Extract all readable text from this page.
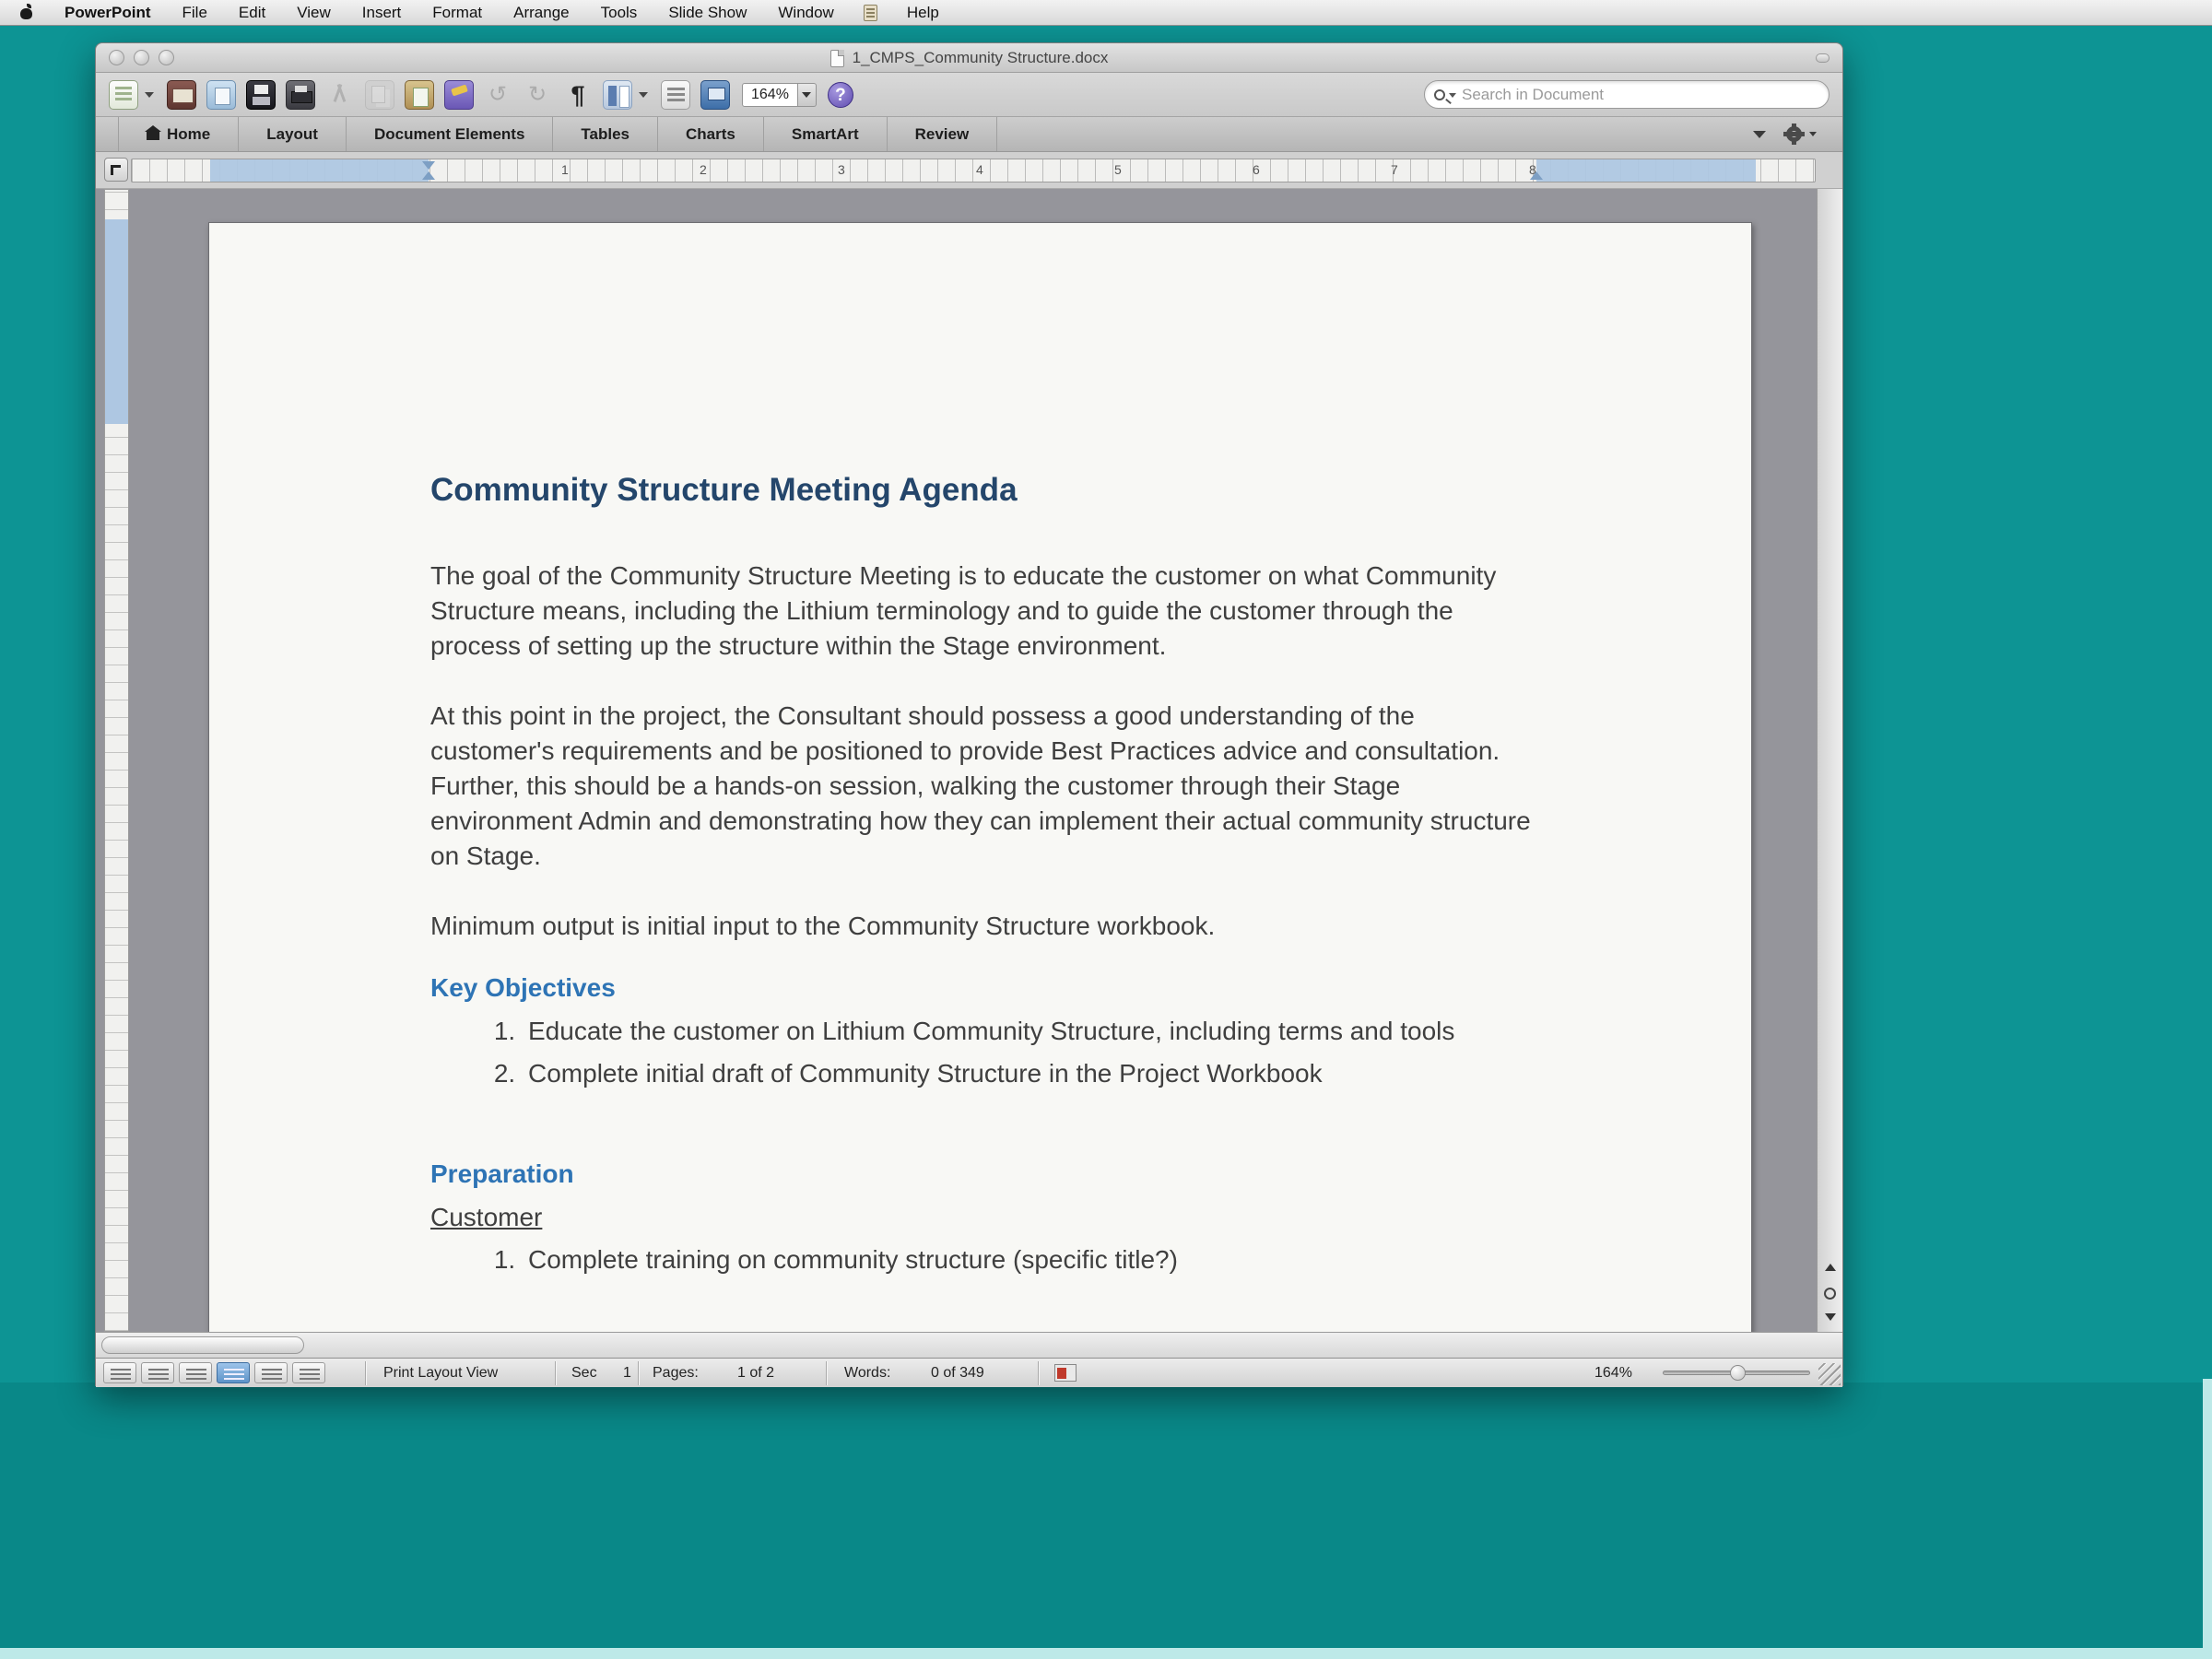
PowerPoint	File	Edit	View	Insert	Format	Arrange	Tools	Slide Show	Window	Help
1_CMPS_Community Structure.docx
↺
↻
¶	164%	?
Search in Document
Home	Layout	Document Elements	Tables	Charts	SmartArt	Review
1	2	3	4	5	6	7	8
Community Structure Meeting Agenda

The goal of the Community Structure Meeting is to educate the customer on what Community Structure means, including the Lithium terminology and to guide the customer through the process of setting up the structure within the Stage environment.

At this point in the project, the Consultant should possess a good understanding of the customer's requirements and be positioned to provide Best Practices advice and consultation. Further, this should be a hands-on session, walking the customer through their Stage environment Admin and demonstrating how they can implement their actual community structure on Stage.

Minimum output is initial input to the Community Structure workbook.

Key Objectives
1. Educate the customer on Lithium Community Structure, including terms and tools
2. Complete initial draft of Community Structure in the Project Workbook
Preparation
Customer
1. Complete training on community structure (specific title?)
Print Layout View	Sec 1 Pages:	1 of 2	Words:	0 of 349	164%
